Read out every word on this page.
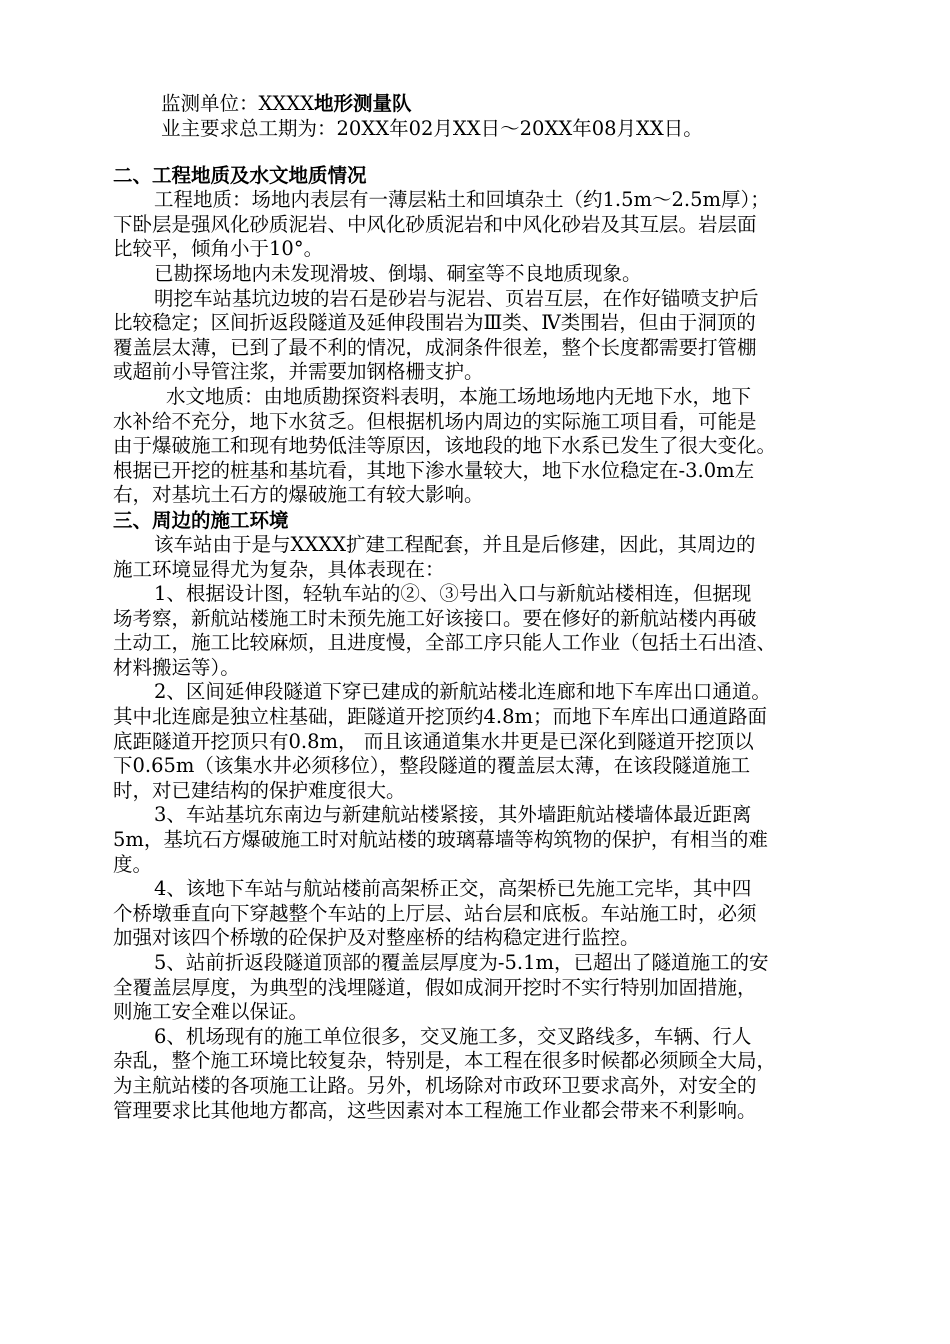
监测单位：XXXX地形测量队

业主要求总工期为：20XX年02月XX日～20XX年08月XX日。

二、工程地质及水文地质情况

工程地质：场地内表层有一薄层粘土和回填杂土（约1.5m～2.5m厚）；

下卧层是强风化砂质泥岩、中风化砂质泥岩和中风化砂岩及其互层。岩层面

比较平，倾角小于10°。

已勘探场地内未发现滑坡、倒塌、硐室等不良地质现象。

明挖车站基坑边坡的岩石是砂岩与泥岩、页岩互层，在作好锚喷支护后

比较稳定；区间折返段隧道及延伸段围岩为Ⅲ类、Ⅳ类围岩，但由于洞顶的

覆盖层太薄，已到了最不利的情况，成洞条件很差，整个长度都需要打管棚

或超前小导管注浆，并需要加钢格栅支护。

水文地质：由地质勘探资料表明，本施工场地场地内无地下水，地下

水补给不充分，地下水贫乏。但根据机场内周边的实际施工项目看，可能是

由于爆破施工和现有地势低洼等原因，该地段的地下水系已发生了很大变化。

根据已开挖的桩基和基坑看，其地下渗水量较大，地下水位稳定在-3.0m左

右，对基坑土石方的爆破施工有较大影响。

三、周边的施工环境

该车站由于是与XXXX扩建工程配套，并且是后修建，因此，其周边的

施工环境显得尤为复杂，具体表现在：

1、根据设计图，轻轨车站的②、③号出入口与新航站楼相连，但据现

场考察，新航站楼施工时未预先施工好该接口。要在修好的新航站楼内再破

土动工，施工比较麻烦，且进度慢，全部工序只能人工作业（包括土石出渣、

材料搬运等）。

2、区间延伸段隧道下穿已建成的新航站楼北连廊和地下车库出口通道。

其中北连廊是独立柱基础，距隧道开挖顶约4.8m；而地下车库出口通道路面

底距隧道开挖顶只有0.8m， 而且该通道集水井更是已深化到隧道开挖顶以

下0.65m（该集水井必须移位），整段隧道的覆盖层太薄，在该段隧道施工

时，对已建结构的保护难度很大。

3、车站基坑东南边与新建航站楼紧接，其外墙距航站楼墙体最近距离

5m，基坑石方爆破施工时对航站楼的玻璃幕墙等构筑物的保护，有相当的难

度。

4、该地下车站与航站楼前高架桥正交，高架桥已先施工完毕，其中四

个桥墩垂直向下穿越整个车站的上厅层、站台层和底板。车站施工时，必须

加强对该四个桥墩的砼保护及对整座桥的结构稳定进行监控。

5、站前折返段隧道顶部的覆盖层厚度为-5.1m，已超出了隧道施工的安

全覆盖层厚度，为典型的浅埋隧道，假如成洞开挖时不实行特别加固措施，

则施工安全难以保证。

6、机场现有的施工单位很多，交叉施工多，交叉路线多，车辆、行人

杂乱，整个施工环境比较复杂，特别是，本工程在很多时候都必须顾全大局，

为主航站楼的各项施工让路。另外，机场除对市政环卫要求高外，对安全的

管理要求比其他地方都高，这些因素对本工程施工作业都会带来不利影响。
